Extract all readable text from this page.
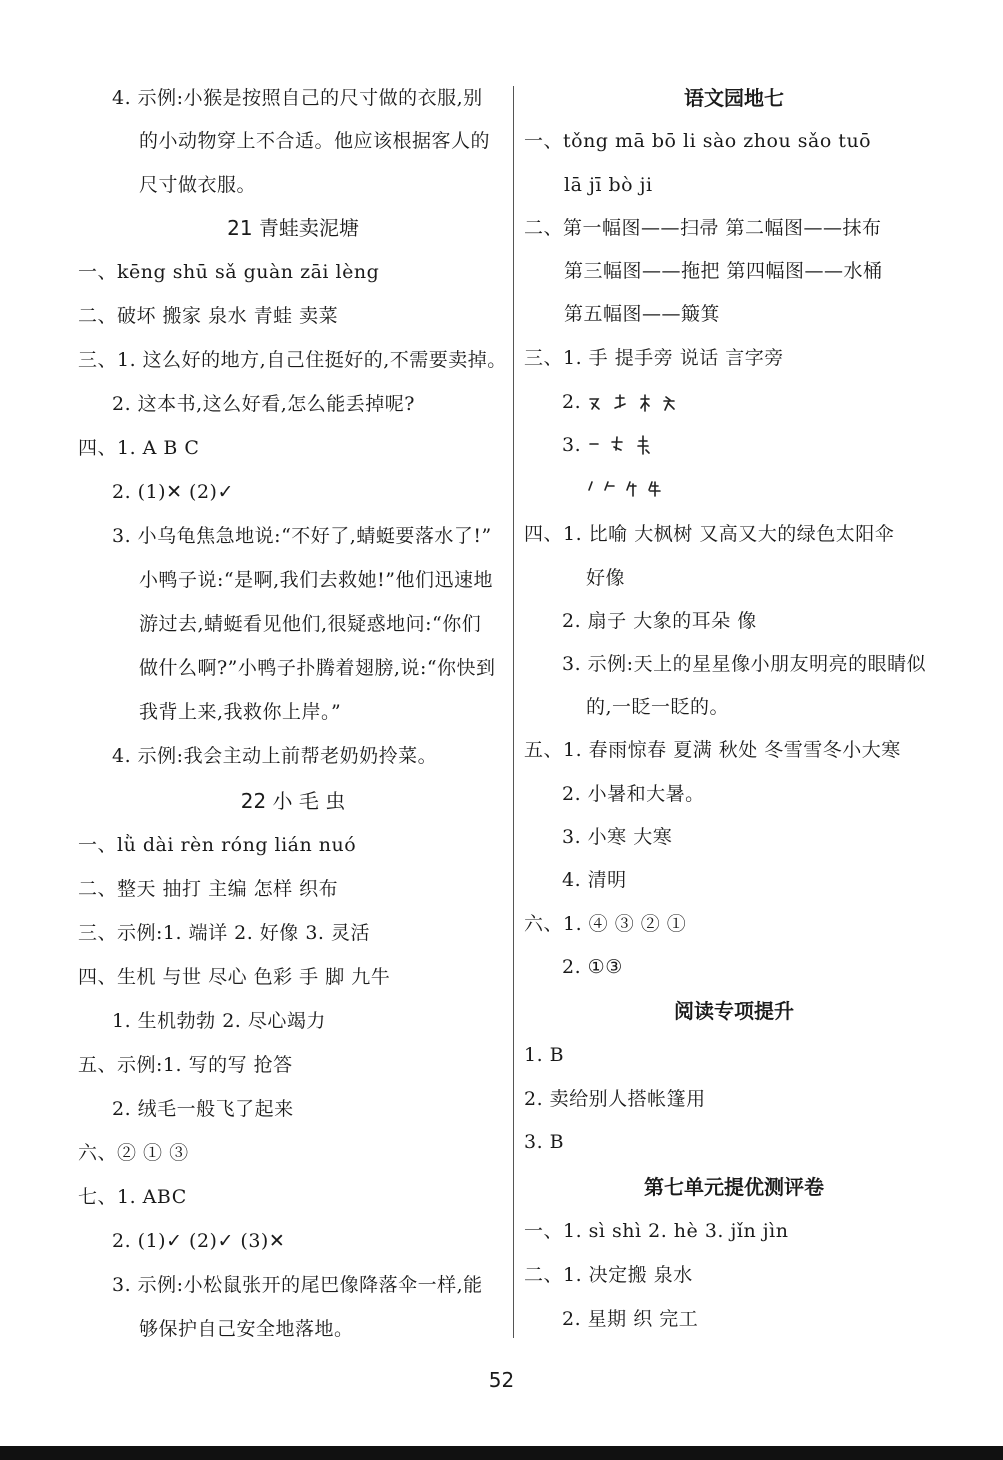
4. 示例:小猴是按照自己的尺寸做的衣服,别
的小动物穿上不合适。他应该根据客人的
尺寸做衣服。
21 青蛙卖泥塘
一、kēng shū sǎ guàn zāi lèng
二、破坏 搬家 泉水 青蛙 卖菜
三、1. 这么好的地方,自己住挺好的,不需要卖掉。
2. 这本书,这么好看,怎么能丢掉呢?
四、1. A B C
2. (1)✕ (2)✓
3. 小乌龟焦急地说:“不好了,蜻蜓要落水了!”
小鸭子说:“是啊,我们去救她!”他们迅速地
游过去,蜻蜓看见他们,很疑惑地问:“你们
做什么啊?”小鸭子扑腾着翅膀,说:“你快到
我背上来,我救你上岸。”
4. 示例:我会主动上前帮老奶奶拎菜。
22 小 毛 虫
一、lǜ dài rèn róng lián nuó
二、整天 抽打 主编 怎样 织布
三、示例:1. 端详 2. 好像 3. 灵活
四、生机 与世 尽心 色彩 手 脚 九牛
1. 生机勃勃 2. 尽心竭力
五、示例:1. 写的写 抢答
2. 绒毛一般飞了起来
六、② ① ③
七、1. ABC
2. (1)✓ (2)✓ (3)✕
3. 示例:小松鼠张开的尾巴像降落伞一样,能
够保护自己安全地落地。
语文园地七
一、tǒng mā bō li sào zhou sǎo tuō
lā jī bò ji
二、第一幅图——扫帚 第二幅图——抹布
第三幅图——拖把 第四幅图——水桶
第五幅图——簸箕
三、1. 手 提手旁 说话 言字旁
2.
3.
四、1. 比喻 大枫树 又高又大的绿色太阳伞
好像
2. 扇子 大象的耳朵 像
3. 示例:天上的星星像小朋友明亮的眼睛似
的,一眨一眨的。
五、1. 春雨惊春 夏满 秋处 冬雪雪冬小大寒
2. 小暑和大暑。
3. 小寒 大寒
4. 清明
六、1. ④ ③ ② ①
2. ①③
阅读专项提升
1. B
2. 卖给别人搭帐篷用
3. B
第七单元提优测评卷
一、1. sì shì 2. hè 3. jǐn jìn
二、1. 决定搬 泉水
2. 星期 织 完工
52
